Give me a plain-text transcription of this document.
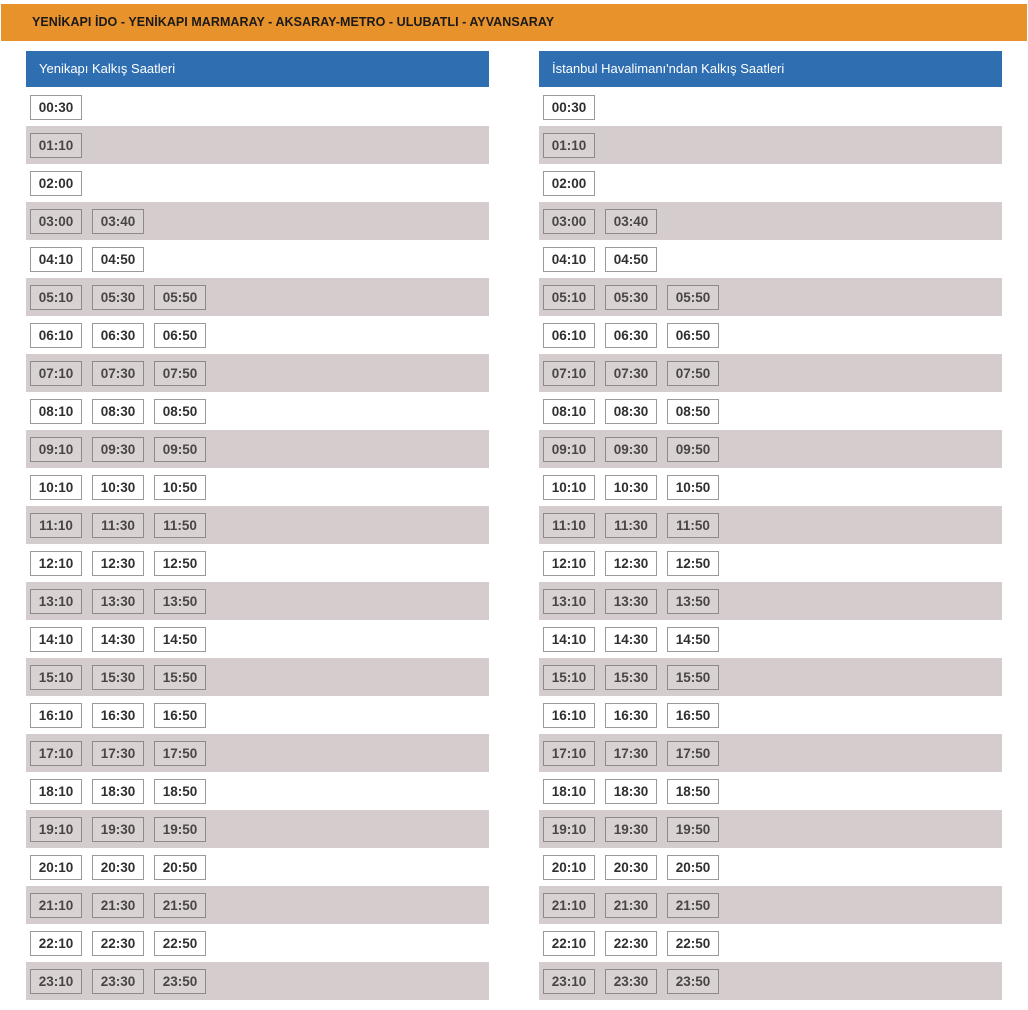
YENİKAPI İDO - YENİKAPI MARMARAY - AKSARAY-METRO - ULUBATLI - AYVANSARAY
Yenikapı Kalkış Saatleri
00:30
01:10
02:00
03:00	03:40
04:10	04:50
05:10	05:30	05:50
06:10	06:30	06:50
07:10	07:30	07:50
08:10	08:30	08:50
09:10	09:30	09:50
10:10	10:30	10:50
11:10	11:30	11:50
12:10	12:30	12:50
13:10	13:30	13:50
14:10	14:30	14:50
15:10	15:30	15:50
16:10	16:30	16:50
17:10	17:30	17:50
18:10	18:30	18:50
19:10	19:30	19:50
20:10	20:30	20:50
21:10	21:30	21:50
22:10	22:30	22:50
23:10	23:30	23:50
İstanbul Havalimanı'ndan Kalkış Saatleri
00:30
01:10
02:00
03:00	03:40
04:10	04:50
05:10	05:30	05:50
06:10	06:30	06:50
07:10	07:30	07:50
08:10	08:30	08:50
09:10	09:30	09:50
10:10	10:30	10:50
11:10	11:30	11:50
12:10	12:30	12:50
13:10	13:30	13:50
14:10	14:30	14:50
15:10	15:30	15:50
16:10	16:30	16:50
17:10	17:30	17:50
18:10	18:30	18:50
19:10	19:30	19:50
20:10	20:30	20:50
21:10	21:30	21:50
22:10	22:30	22:50
23:10	23:30	23:50
